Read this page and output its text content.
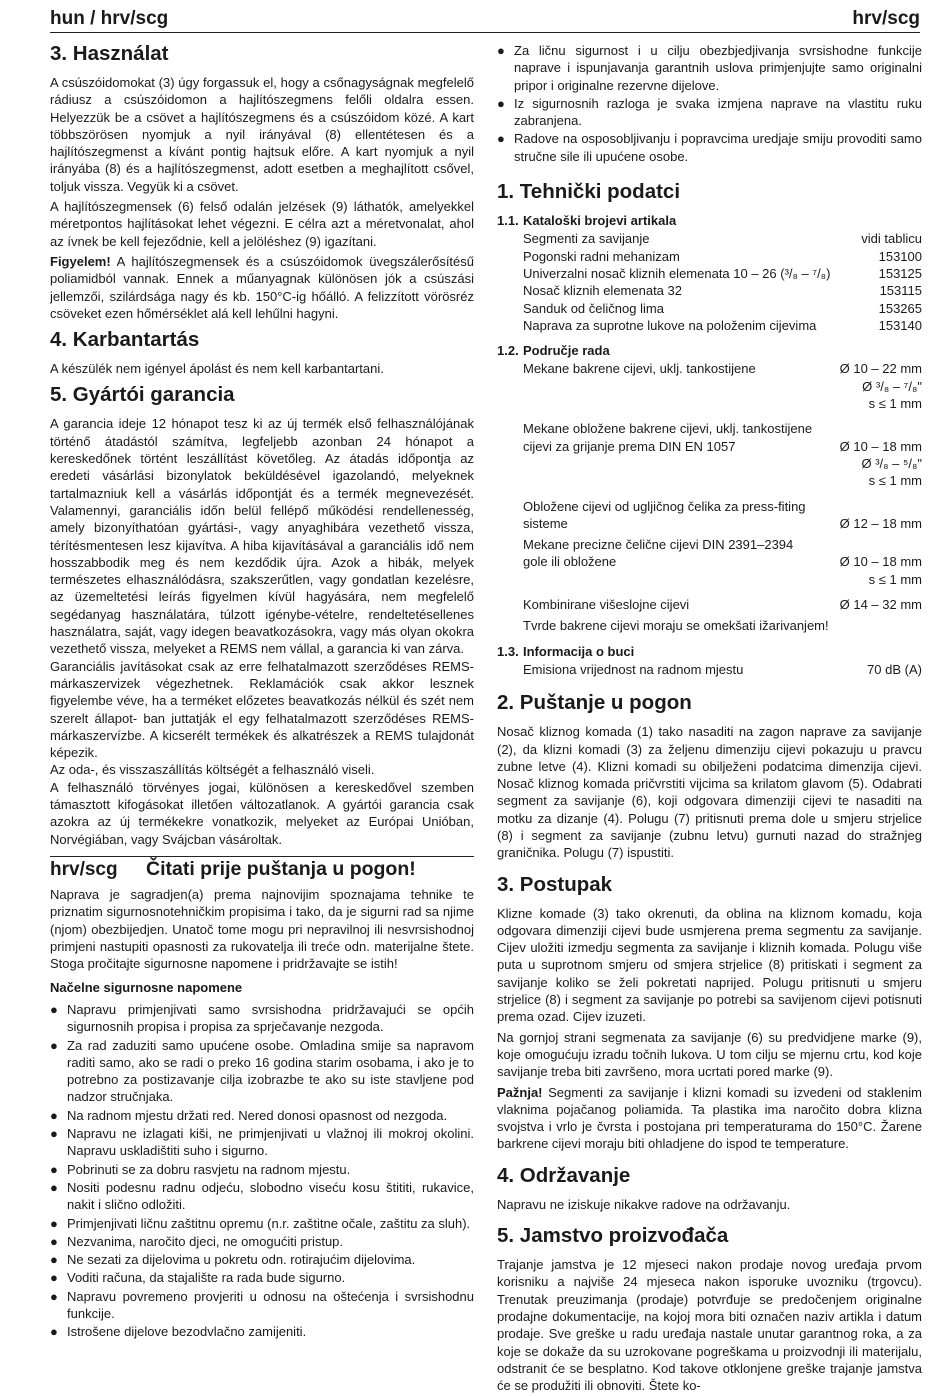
hun / hrv/scg	hrv/scg
3. Használat

A csúszóidomokat (3) úgy forgassuk el, hogy a csőnagyságnak megfelelő rádiusz a csúszóidomon a hajlítószegmens felőli oldalra essen. Helyezzük be a csövet a hajlítószegmens és a csúszóidom közé. A kart többszörösen nyomjuk a nyil irányával (8) ellentétesen és a hajlítószegmenst a kívánt pontig hajtsuk előre. A kart nyomjuk a nyil irányába (8) és a hajlítószegmenst, adott esetben a meghajlított csővel, toljuk vissza. Vegyük ki a csövet.

A hajlítószegmensek (6) felső odalán jelzések (9) láthatók, amelyekkel méretpontos hajlításokat lehet végezni. E célra azt a méretvonalat, ahol az ívnek be kell fejeződnie, kell a jelöléshez (9) igazítani.

Figyelem! A hajlítószegmensek és a csúszóidomok üvegszálerősítésű poliamidból vannak. Ennek a műanyagnak különösen jók a csúszási jellemzői, szilárdsága nagy és kb. 150°C-ig hőálló. A felizzított vörösréz csöveket ezen hőmérséklet alá kell lehűlni hagyni.

4. Karbantartás

A készülék nem igényel ápolást és nem kell karbantartani.

5. Gyártói garancia

A garancia ideje 12 hónapot tesz ki az új termék első felhasználójának történő átadástól számítva, legfeljebb azonban 24 hónapot a kereskedőnek történt leszállítást követőleg. Az átadás időpontja az eredeti vásárlási bizonylatok beküldésével igazolandó, melyeknek tartalmazniuk kell a vásárlás időpontját és a termék megnevezését. Valamennyi, garanciális időn belül fellépő működési rendellenesség, amely bizonyíthatóan gyártási-, vagy anyaghibára vezethető vissza, térítésmentesen lesz kijavítva. A hiba kijavításával a garanciális idő nem hosszabbodik meg és nem kezdődik újra. Azok a hibák, melyek természetes elhasználódásra, szakszerűtlen, vagy gondatlan kezelésre, az üzemeltetési leírás figyelmen kívül hagyására, nem megfelelő segédanyag használatára, túlzott igénybe-vételre, rendeltetésellenes használatra, saját, vagy idegen beavatkozásokra, vagy más olyan okokra vezethető vissza, melyeket a REMS nem vállal, a garancia ki van zárva.

Garanciális javításokat csak az erre felhatalmazott szerződéses REMS-márkaszervizek végezhetnek. Reklamációk csak akkor lesznek figyelembe véve, ha a terméket előzetes beavatkozás nélkül és szét nem szerelt állapot- ban juttatják el egy felhatalmazott szerződéses REMS-márkaszervízbe. A kicserélt termékek és alkatrészek a REMS tulajdonát képezik.

Az oda-, és visszaszállítás költségét a felhasználó viseli.

A felhasználó törvényes jogai, különösen a kereskedővel szemben támasztott kifogásokat illetően változatlanok. A gyártói garancia csak azokra az új termékekre vonatkozik, melyeket az Európai Unióban, Norvégiában, vagy Svájcban vásároltak.

hrv/scg	Čitati prije puštanja u pogon!

Naprava je sagradjen(a) prema najnovijim spoznajama tehnike te priznatim sigurnosnotehničkim propisima i tako, da je sigurni rad sa njime (njom) obezbijedjen. Unatoč tome mogu pri nepravilnoj ili nesvrsishodnoj primjeni nastupiti opasnosti za rukovatelja ili treće odn. materijalne štete. Stoga pročitajte sigurnosne napomene i pridržavajte se istih!

Načelne sigurnosne napomene
● Napravu primjenjivati samo svrsishodna pridržavajući se općih sigurnosnih propisa i propisa za sprječavanje nezgoda.
● Za rad zaduziti samo upućene osobe. Omladina smije sa napravom raditi samo, ako se radi o preko 16 godina starim osobama, i ako je to potrebno za postizavanje cilja izobrazbe te ako su iste stavljene pod nadzor stručnjaka.
● Na radnom mjestu držati red. Nered donosi opasnost od nezgoda.
● Napravu ne izlagati kiši, ne primjenjivati u vlažnoj ili mokroj okolini. Napravu uskladištiti suho i sigurno.
● Pobrinuti se za dobru rasvjetu na radnom mjestu.
● Nositi podesnu radnu odjeću, slobodno viseću kosu štititi, rukavice, nakit i slično odložiti.
● Primjenjivati ličnu zaštitnu opremu (n.r. zaštitne očale, zaštitu za sluh).
● Nezvanima, naročito djeci, ne omogućiti pristup.
● Ne sezati za dijelovima u pokretu odn. rotirajućim dijelovima.
● Voditi računa, da stajalište ra rada bude sigurno.
● Napravu povremeno provjeriti u odnosu na oštećenja i svrsishodnu funkcije.
● Istrošene dijelove bezodvlačno zamijeniti.
● Za ličnu sigurnost i u cilju obezbjedjivanja svrsishodne funkcije naprave i ispunjavanja garantnih uslova primjenjujte samo originalni pripor i originalne rezervne dijelove.
● Iz sigurnosnih razloga je svaka izmjena naprave na vlastitu ruku zabranjena.
● Radove na osposobljivanju i popravcima uredjaje smiju provoditi samo stručne sile ili upućene osobe.
1. Tehnički podatci
1.1. Kataloški brojevi artikala
Segmenti za savijanje	vidi tablicu
Pogonski radni mehanizam	153100
Univerzalni nosač kliznih elemenata 10 – 26 (³/₈ – ⁷/₈)	153125
Nosač kliznih elemenata 32	153115
Sanduk od čeličnog lima	153265
Naprava za suprotne lukove na položenim cijevima	153140
1.2. Područje rada
Mekane bakrene cijevi, uklj. tankostijene	Ø 10 – 22 mm
Ø ³/₈ – ⁷/₈"
s ≤ 1 mm
Mekane obložene bakrene cijevi, uklj. tankostijene
cijevi za grijanje prema DIN EN 1057	Ø 10 – 18 mm
Ø ³/₈ – ⁵/₈"
s ≤ 1 mm
Obložene cijevi od ugljičnog čelika za press-fiting
sisteme	Ø 12 – 18 mm
Mekane precizne čelične cijevi DIN 2391–2394
gole ili obložene	Ø 10 – 18 mm
s ≤ 1 mm
Kombinirane višeslojne cijevi	Ø 14 – 32 mm
Tvrde bakrene cijevi moraju se omekšati ižarivanjem!
1.3. Informacija o buci
Emisiona vrijednost na radnom mjestu	70 dB (A)
2. Puštanje u pogon

Nosač kliznog komada (1) tako nasaditi na zagon naprave za savijanje (2), da klizni komadi (3) za željenu dimenziju cijevi pokazuju u pravcu zubne letve (4). Klizni komadi su obilježeni podatcima dimenzija cijevi. Nosač kliznog komada pričvrstiti vijcima sa krilatom glavom (5). Odabrati segment za savijanje (6), koji odgovara dimenziji cijevi te nasaditi na motku za dizanje (4). Polugu (7) pritisnuti prema dole u smjeru strjelice (8) i segment za savijanje (zubnu letvu) gurnuti nazad do stražnjeg graničnika. Polugu (7) ispustiti.

3. Postupak

Klizne komade (3) tako okrenuti, da oblina na kliznom komadu, koja odgovara dimenziji cijevi bude usmjerena prema segmentu za savijanje. Cijev uložiti izmedju segmenta za savijanje i kliznih komada. Polugu više puta u suprotnom smjeru od smjera strjelice (8) pritiskati i segment za savijanje koliko se želi pokretati naprijed. Polugu pritisnuti u smjeru strjelice (8) i segment za savijanje po potrebi sa savijenom cijevi potisnuti prema ozad. Cijev izuzeti.

Na gornjoj strani segmenata za savijanje (6) su predvidjene marke (9), koje omogućuju izradu točnih lukova. U tom cilju se mjernu crtu, kod koje savijanje treba biti završeno, mora ucrtati pored marke (9).

Pažnja! Segmenti za savijanje i klizni komadi su izvedeni od staklenim vlaknima pojačanog poliamida. Ta plastika ima naročito dobra klizna svojstva i vrlo je čvrsta i postojana pri temperaturama do 150°C. Žarene barkrene cijevi moraju biti ohladjene do ispod te temperature.

4. Održavanje

Napravu ne iziskuje nikakve radove na održavanju.

5. Jamstvo proizvođača

Trajanje jamstva je 12 mjeseci nakon prodaje novog uređaja prvom korisniku a najviše 24 mjeseca nakon isporuke uvozniku (trgovcu). Trenutak preuzimanja (prodaje) potvrđuje se predočenjem originalne prodajne dokumentacije, na kojoj mora biti označen naziv artikla i datum prodaje. Sve greške u radu uređaja nastale unutar garantnog roka, a za koje se dokaže da su uzrokovane pogreškama u proizvodnji ili materijalu, odstranit će se besplatno. Kod takove otklonjene greške trajanje jamstva će se produžiti ili obnoviti. Štete ko-
